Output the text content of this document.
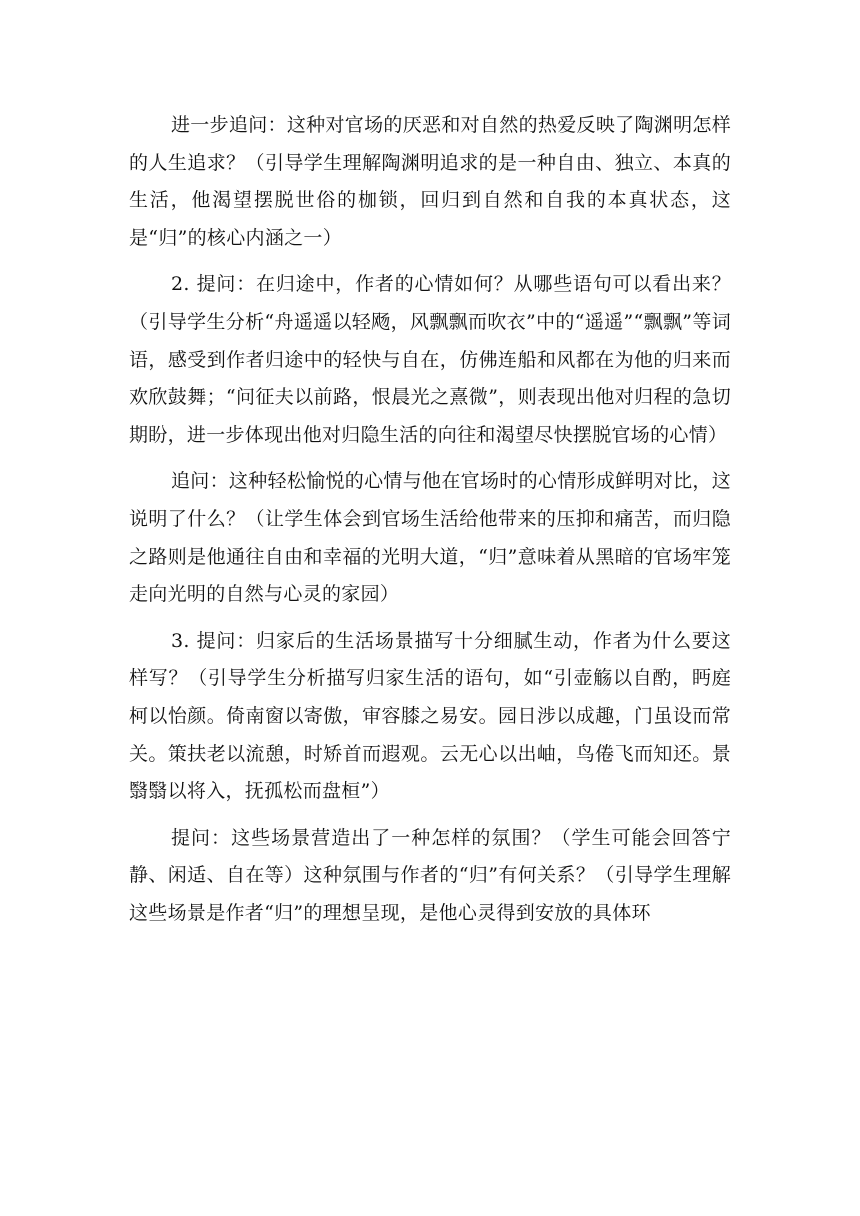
进一步追问：这种对官场的厌恶和对自然的热爱反映了陶渊明怎样的人生追求？（引导学生理解陶渊明追求的是一种自由、独立、本真的生活，他渴望摆脱世俗的枷锁，回归到自然和自我的本真状态，这是“归”的核心内涵之一）

2. 提问：在归途中，作者的心情如何？从哪些语句可以看出来？（引导学生分析“舟遥遥以轻飏，风飘飘而吹衣”中的“遥遥”“飘飘”等词语，感受到作者归途中的轻快与自在，仿佛连船和风都在为他的归来而欢欣鼓舞；“问征夫以前路，恨晨光之熹微”，则表现出他对归程的急切期盼，进一步体现出他对归隐生活的向往和渴望尽快摆脱官场的心情）

追问：这种轻松愉悦的心情与他在官场时的心情形成鲜明对比，这说明了什么？（让学生体会到官场生活给他带来的压抑和痛苦，而归隐之路则是他通往自由和幸福的光明大道，“归”意味着从黑暗的官场牢笼走向光明的自然与心灵的家园）

3. 提问：归家后的生活场景描写十分细腻生动，作者为什么要这样写？（引导学生分析描写归家生活的语句，如“引壶觞以自酌，眄庭柯以怡颜。倚南窗以寄傲，审容膝之易安。园日涉以成趣，门虽设而常关。策扶老以流憩，时矫首而遐观。云无心以出岫，鸟倦飞而知还。景翳翳以将入，抚孤松而盘桓”）

提问：这些场景营造出了一种怎样的氛围？（学生可能会回答宁静、闲适、自在等）这种氛围与作者的“归”有何关系？（引导学生理解这些场景是作者“归”的理想呈现，是他心灵得到安放的具体环
